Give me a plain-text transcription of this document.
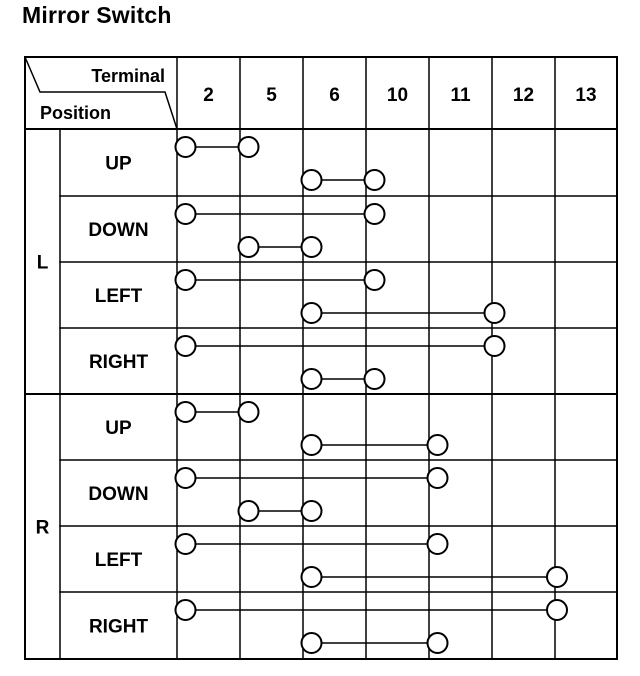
Mirror Switch
Terminal
Position
2	5	6 10 11 12 13
L
UP
DOWN
LEFT
RIGHT
R
UP
DOWN
LEFT
RIGHT
